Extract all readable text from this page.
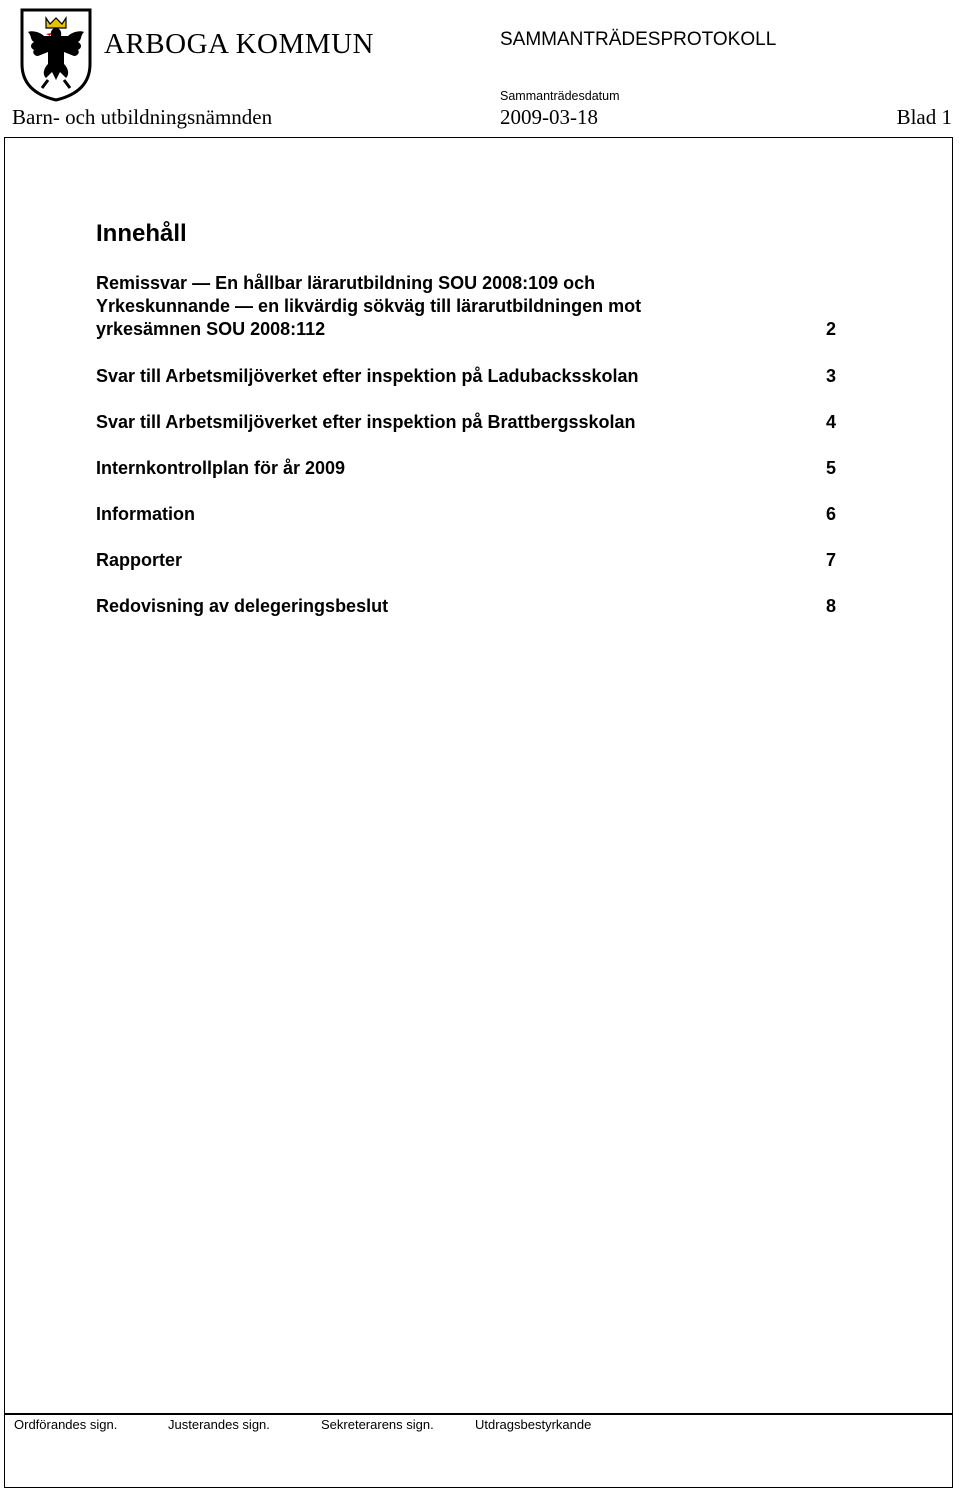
ARBOGA KOMMUN	SAMMANTRÄDESPROTOKOLL
Sammanträdesdatum
Barn- och utbildningsnämnden	2009-03-18	Blad 1
Innehåll
Remissvar — En hållbar lärarutbildning SOU 2008:109 och
Yrkeskunnande — en likvärdig sökväg till lärarutbildningen mot
yrkesämnen SOU 2008:112	2
Svar till Arbetsmiljöverket efter inspektion på Ladubacksskolan	3
Svar till Arbetsmiljöverket efter inspektion på Brattbergsskolan	4
Internkontrollplan för år 2009	5
Information	6
Rapporter	7
Redovisning av delegeringsbeslut	8
Ordförandes sign.	Justerandes sign.	Sekreterarens sign.	Utdragsbestyrkande
